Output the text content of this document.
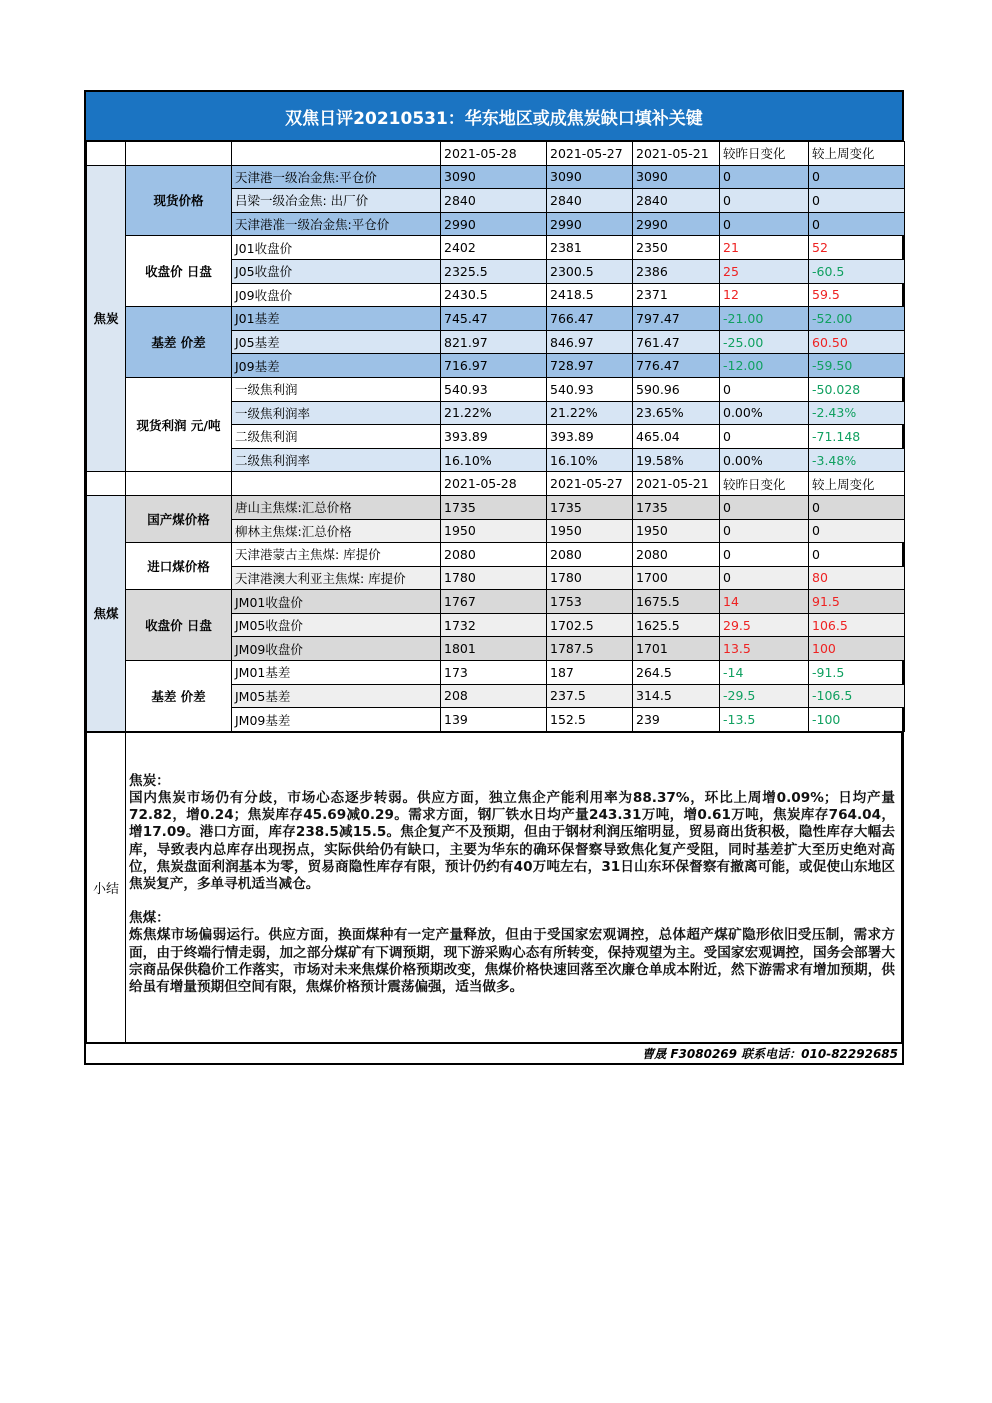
双焦日评20210531：华东地区或成焦炭缺口填补关键
			2021-05-28	2021-05-27	2021-05-21	较昨日变化	较上周变化
焦炭	现货价格	天津港一级冶金焦:平仓价	3090	3090	3090	0	0
		吕梁一级冶金焦: 出厂价	2840	2840	2840	0	0
		天津港准一级冶金焦:平仓价	2990	2990	2990	0	0
	收盘价 日盘	J01收盘价	2402	2381	2350	21	52
		J05收盘价	2325.5	2300.5	2386	25	-60.5
		J09收盘价	2430.5	2418.5	2371	12	59.5
	基差 价差	J01基差	745.47	766.47	797.47	-21.00	-52.00
		J05基差	821.97	846.97	761.47	-25.00	60.50
		J09基差	716.97	728.97	776.47	-12.00	-59.50
	现货利润 元/吨	一级焦利润	540.93	540.93	590.96	0	-50.028
		一级焦利润率	21.22%	21.22%	23.65%	0.00%	-2.43%
		二级焦利润	393.89	393.89	465.04	0	-71.148
		二级焦利润率	16.10%	16.10%	19.58%	0.00%	-3.48%
			2021-05-28	2021-05-27	2021-05-21	较昨日变化	较上周变化
焦煤	国产煤价格	唐山主焦煤:汇总价格	1735	1735	1735	0	0
		柳林主焦煤:汇总价格	1950	1950	1950	0	0
	进口煤价格	天津港蒙古主焦煤: 库提价	2080	2080	2080	0	0
		天津港澳大利亚主焦煤: 库提价	1780	1780	1700	0	80
	收盘价 日盘	JM01收盘价	1767	1753	1675.5	14	91.5
		JM05收盘价	1732	1702.5	1625.5	29.5	106.5
		JM09收盘价	1801	1787.5	1701	13.5	100
	基差 价差	JM01基差	173	187	264.5	-14	-91.5
		JM05基差	208	237.5	314.5	-29.5	-106.5
		JM09基差	139	152.5	239	-13.5	-100
小结	
焦炭：
国内焦炭市场仍有分歧，市场心态逐步转弱。供应方面，独立焦企产能利用率为88.37%，环比上周增0.09%；日均产量72.82，增0.24；焦炭库存45.69减0.29。需求方面，钢厂铁水日均产量243.31万吨，增0.61万吨，焦炭库存764.04，增17.09。港口方面，库存238.5减15.5。焦企复产不及预期，但由于钢材利润压缩明显，贸易商出货积极，隐性库存大幅去库，导致表内总库存出现拐点，实际供给仍有缺口，主要为华东的确环保督察导致焦化复产受阻，同时基差扩大至历史绝对高位，焦炭盘面利润基本为零，贸易商隐性库存有限，预计仍约有40万吨左右，31日山东环保督察有撤离可能，或促使山东地区焦炭复产，多单寻机适当减仓。
焦煤：
炼焦煤市场偏弱运行。供应方面，换面煤种有一定产量释放，但由于受国家宏观调控，总体超产煤矿隐形依旧受压制，需求方面，由于终端行情走弱，加之部分煤矿有下调预期，现下游采购心态有所转变，保持观望为主。受国家宏观调控，国务会部署大宗商品保供稳价工作落实，市场对未来焦煤价格预期改变，焦煤价格快速回落至次廉仓单成本附近，然下游需求有增加预期，供给虽有增量预期但空间有限，焦煤价格预计震荡偏强，适当做多。
曹晟 F3080269 联系电话：010-82292685
